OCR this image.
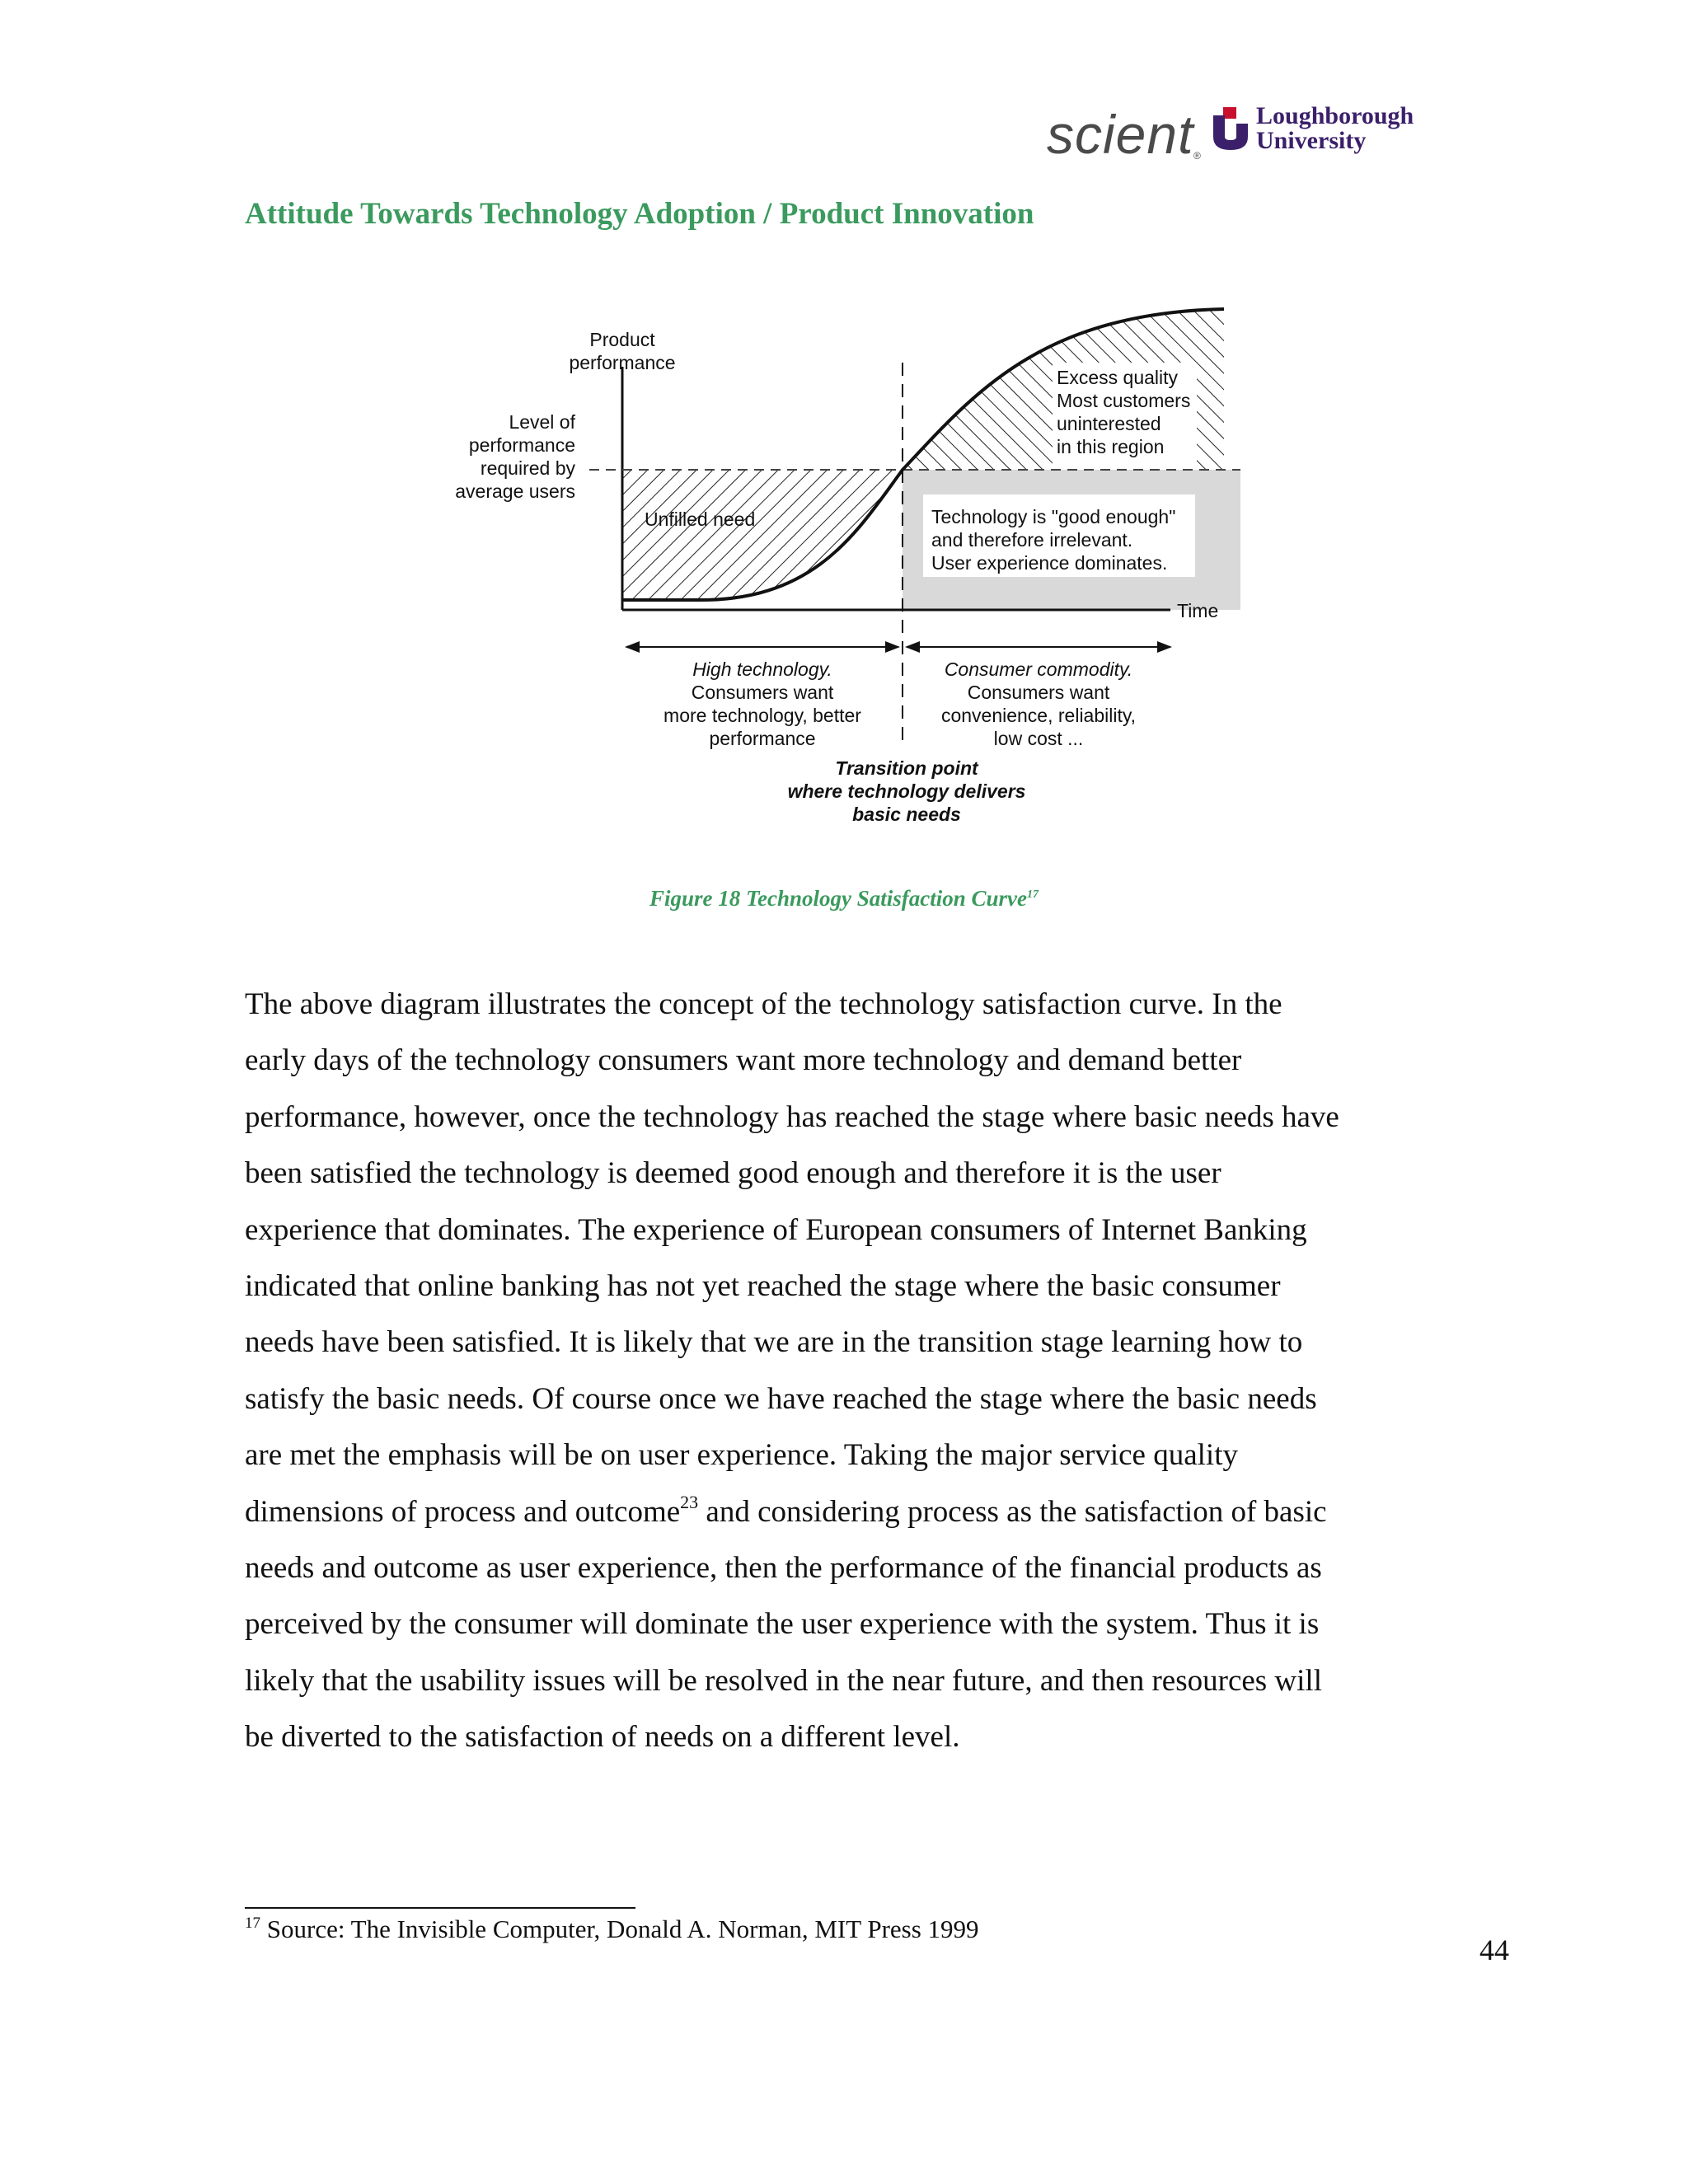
scient ®
Loughborough
University
Attitude Towards Technology Adoption / Product Innovation
Product
performance
Level of
performance
required by
average users
Time
Unfilled need
Excess quality
Most customers
uninterested
in this region
Technology is "good enough"
and therefore irrelevant.
User experience dominates.
High technology.
Consumers want
more technology, better
performance
Consumer commodity.
Consumers want
convenience, reliability,
low cost ...
Transition point
where technology delivers
basic needs
Figure 18 Technology Satisfaction Curve$^{17}$
The above diagram illustrates the concept of the technology satisfaction curve. In the
early days of the technology consumers want more technology and demand better
performance, however, once the technology has reached the stage where basic needs have
been satisfied the technology is deemed good enough and therefore it is the user
experience that dominates. The experience of European consumers of Internet Banking
indicated that online banking has not yet reached the stage where the basic consumer
needs have been satisfied. It is likely that we are in the transition stage learning how to
satisfy the basic needs. Of course once we have reached the stage where the basic needs
are met the emphasis will be on user experience. Taking the major service quality
dimensions of process and outcome$^{23}$ and considering process as the satisfaction of basic
needs and outcome as user experience, then the performance of the financial products as
perceived by the consumer will dominate the user experience with the system. Thus it is
likely that the usability issues will be resolved in the near future, and then resources will
be diverted to the satisfaction of needs on a different level.
$^{17}$ Source: The Invisible Computer, Donald A. Norman, MIT Press 1999
44
